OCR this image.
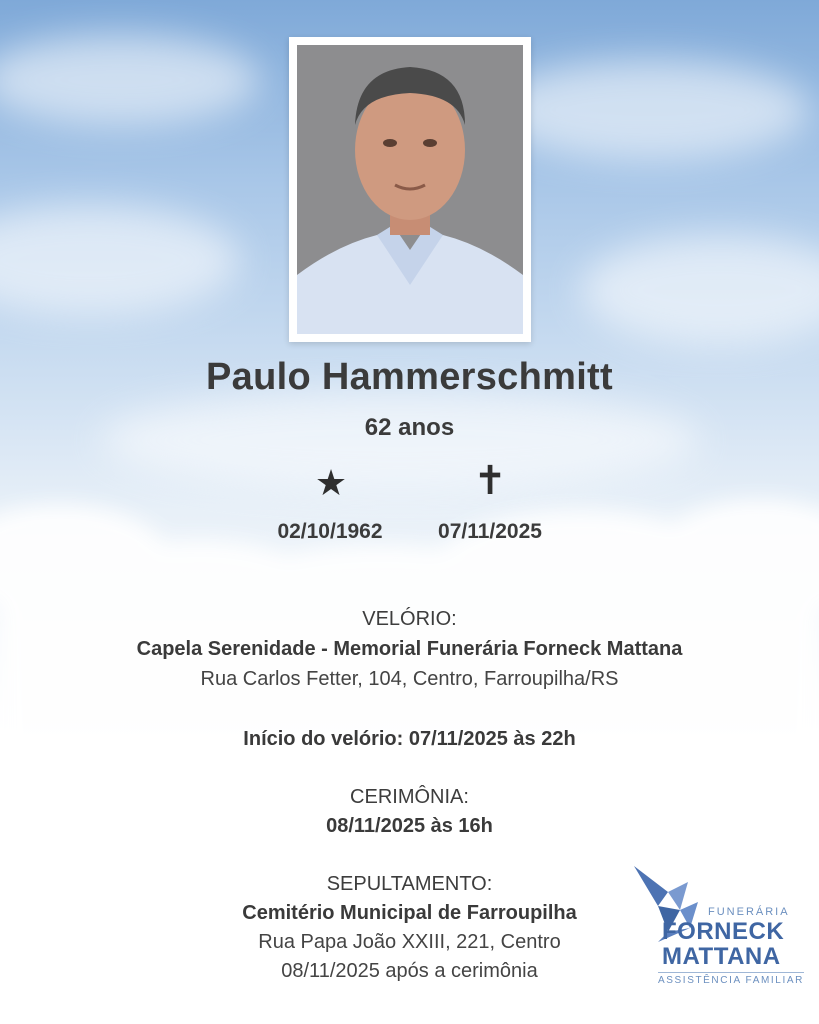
Paulo Hammerschmitt
62 anos
★	✝
02/10/1962	07/11/2025
VELÓRIO:
Capela Serenidade - Memorial Funerária Forneck Mattana
Rua Carlos Fetter, 104, Centro, Farroupilha/RS
Início do velório: 07/11/2025 às 22h
CERIMÔNIA:
08/11/2025 às 16h
SEPULTAMENTO:
Cemitério Municipal de Farroupilha
Rua Papa João XXIII, 221, Centro
08/11/2025 após a cerimônia
FUNERÁRIA
FORNECK
MATTANA
ASSISTÊNCIA FAMILIAR
